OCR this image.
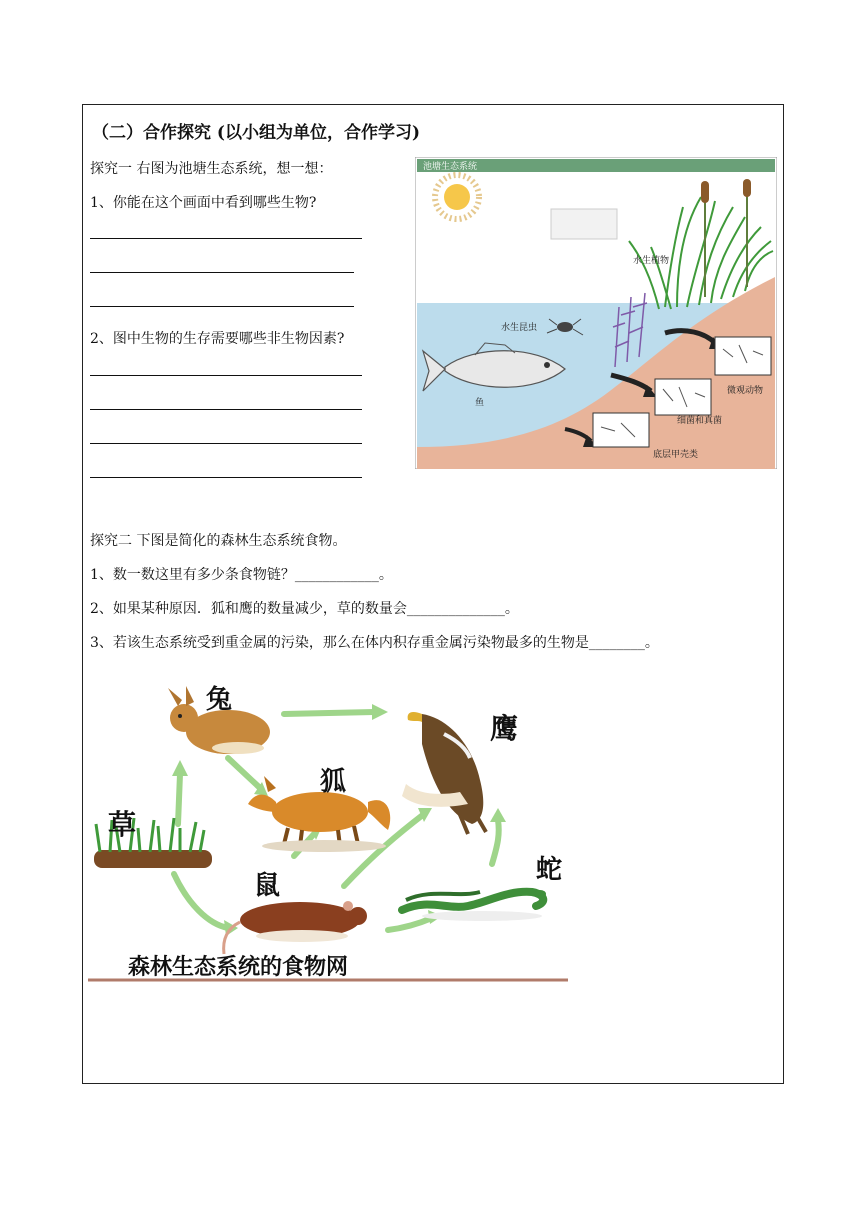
（二）合作探究 (以小组为单位，合作学习)
探究一 右图为池塘生态系统，想一想：
1、你能在这个画面中看到哪些生物?
2、图中生物的生存需要哪些非生物因素?
池塘生态系统
水生植物
水生昆虫
鱼
微观动物
细菌和真菌
底层甲壳类
探究二 下图是简化的森林生态系统食物。
1、数一数这里有多少条食物链？____________。
2、如果某种原因．狐和鹰的数量减少，草的数量会______________。
3、若该生态系统受到重金属的污染，那么在体内积存重金属污染物最多的生物是________。
兔
鹰
草
狐
鼠
蛇
森林生态系统的食物网
